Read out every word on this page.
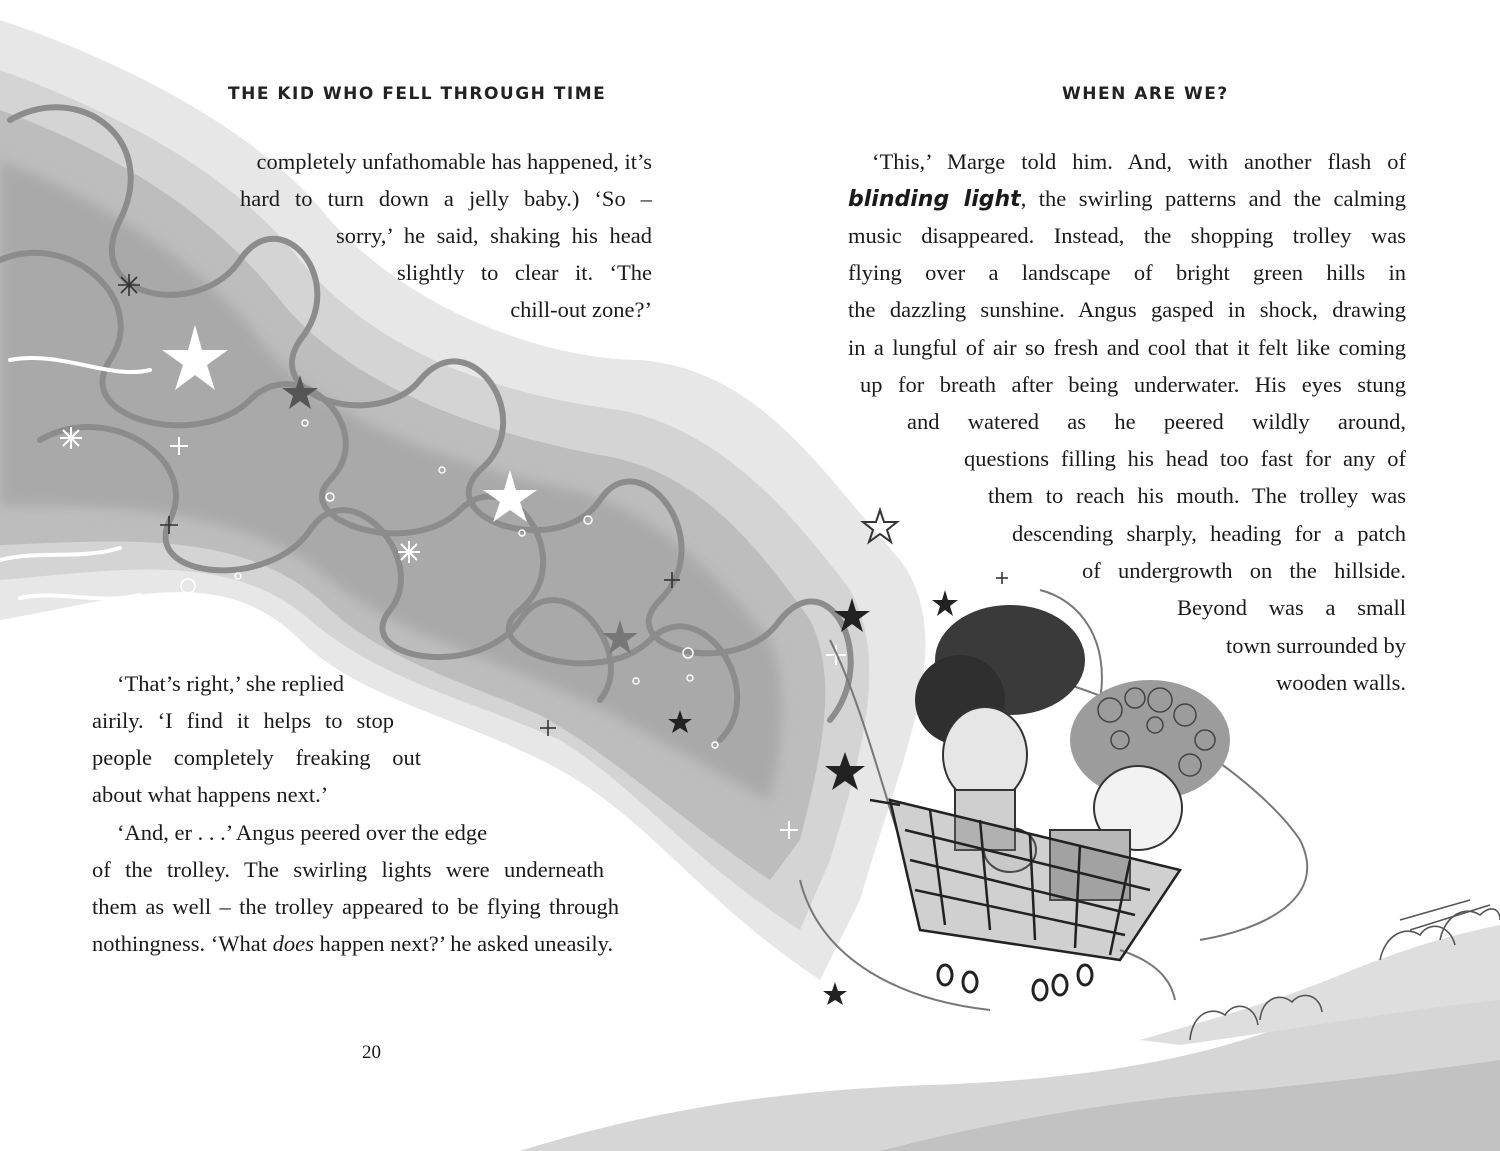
THE KID WHO FELL THROUGH TIME
completely unfathomable has happened, it’s
hard to turn down a jelly baby.) ‘So –
sorry,’ he said, shaking his head
slightly to clear it. ‘The
chill-out zone?’
‘That’s right,’ she replied
airily. ‘I find it helps to stop
people completely freaking out
about what happens next.’
‘And, er . . .’ Angus peered over the edge
of the trolley. The swirling lights were underneath
them as well – the trolley appeared to be flying through
nothingness. ‘What does happen next?’ he asked uneasily.
20
WHEN ARE WE?
‘This,’ Marge told him. And, with another flash of
blinding light, the swirling patterns and the calming
music disappeared. Instead, the shopping trolley was
flying over a landscape of bright green hills in
the dazzling sunshine. Angus gasped in shock, drawing
in a lungful of air so fresh and cool that it felt like coming
up for breath after being underwater. His eyes stung
and watered as he peered wildly around,
questions filling his head too fast for any of
them to reach his mouth. The trolley was
descending sharply, heading for a patch
of undergrowth on the hillside.
Beyond was a small
town surrounded by
wooden walls.
